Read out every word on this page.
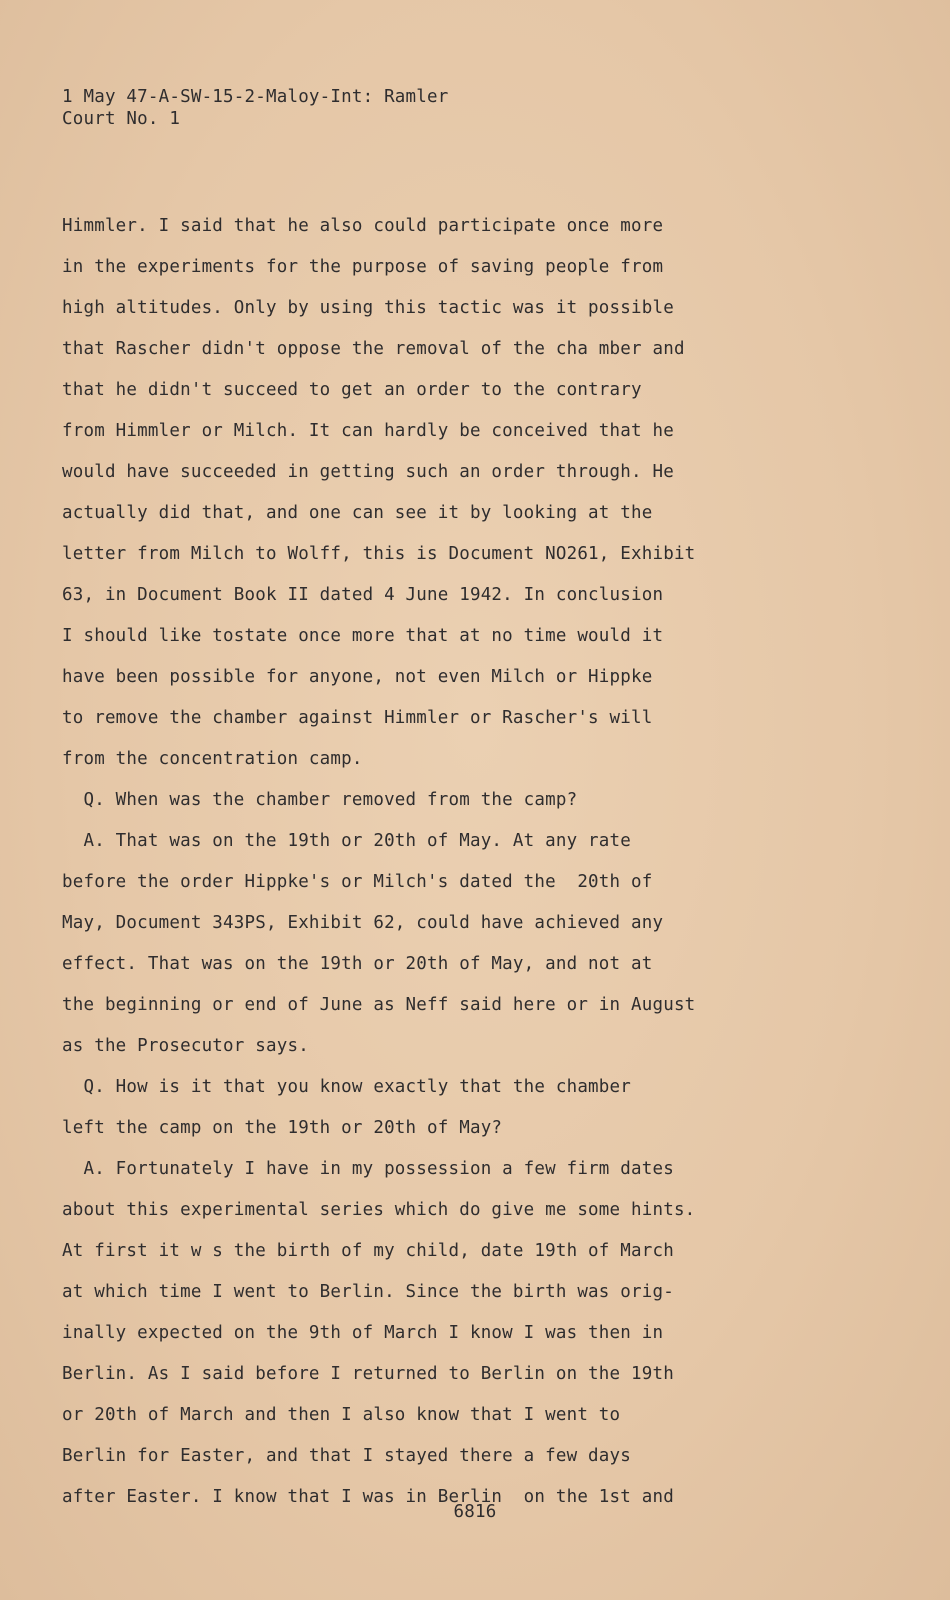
1 May 47-A-SW-15-2-Maloy-Int: Ramler
Court No. 1
Himmler. I said that he also could participate once more
in the experiments for the purpose of saving people from
high altitudes. Only by using this tactic was it possible
that Rascher didn't oppose the removal of the cha mber and
that he didn't succeed to get an order to the contrary
from Himmler or Milch. It can hardly be conceived that he
would have succeeded in getting such an order through. He
actually did that, and one can see it by looking at the
letter from Milch to Wolff, this is Document NO261, Exhibit
63, in Document Book II dated 4 June 1942. In conclusion
I should like tostate once more that at no time would it
have been possible for anyone, not even Milch or Hippke
to remove the chamber against Himmler or Rascher's will
from the concentration camp.
Q. When was the chamber removed from the camp?
A. That was on the 19th or 20th of May. At any rate
before the order Hippke's or Milch's dated the  20th of
May, Document 343PS, Exhibit 62, could have achieved any
effect. That was on the 19th or 20th of May, and not at
the beginning or end of June as Neff said here or in August
as the Prosecutor says.
Q. How is it that you know exactly that the chamber
left the camp on the 19th or 20th of May?
A. Fortunately I have in my possession a few firm dates
about this experimental series which do give me some hints.
At first it w s the birth of my child, date 19th of March
at which time I went to Berlin. Since the birth was orig-
inally expected on the 9th of March I know I was then in
Berlin. As I said before I returned to Berlin on the 19th
or 20th of March and then I also know that I went to
Berlin for Easter, and that I stayed there a few days
after Easter. I know that I was in Berlin  on the 1st and
6816
